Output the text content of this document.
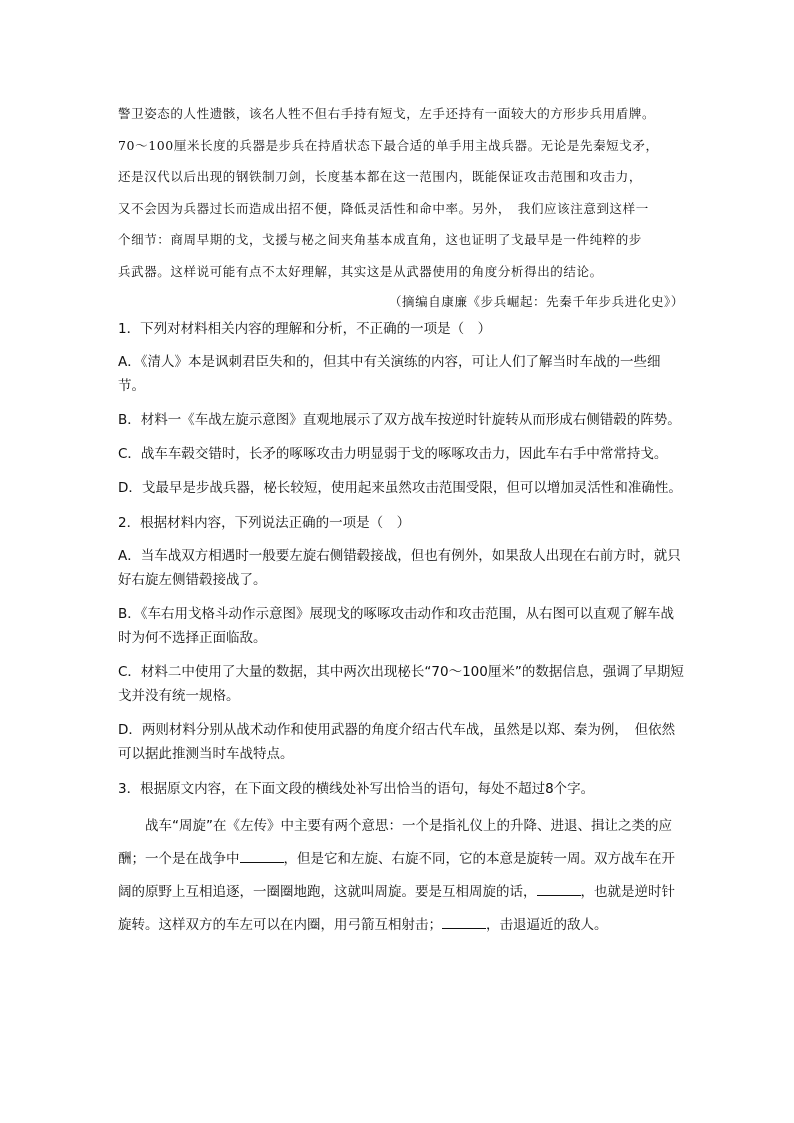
警卫姿态的人性遗骸，该名人牲不但右手持有短戈，左手还持有一面较大的方形步兵用盾牌。
70～100厘米长度的兵器是步兵在持盾状态下最合适的单手用主战兵器。无论是先秦短戈矛，
还是汉代以后出现的钢铁制刀剑，长度基本都在这一范围内，既能保证攻击范围和攻击力，
又不会因为兵器过长而造成出招不便，降低灵活性和命中率。另外，　我们应该注意到这样一
个细节：商周早期的戈，戈援与柲之间夹角基本成直角，这也证明了戈最早是一件纯粹的步
兵武器。这样说可能有点不太好理解，其实这是从武器使用的角度分析得出的结论。
（摘编自康廉《步兵崛起：先秦千年步兵进化史》）
1．下列对材料相关内容的理解和分析，不正确的一项是（　）
A．《清人》本是讽刺君臣失和的，但其中有关演练的内容，可让人们了解当时车战的一些细节。
B．材料一《车战左旋示意图》直观地展示了双方战车按逆时针旋转从而形成右侧错毂的阵势。
C．战车车毂交错时，长矛的啄啄攻击力明显弱于戈的啄啄攻击力，因此车右手中常常持戈。
D．戈最早是步战兵器，柲长较短，使用起来虽然攻击范围受限，但可以增加灵活性和准确性。
2．根据材料内容，下列说法正确的一项是（　）
A．当车战双方相遇时一般要左旋右侧错毂接战，但也有例外，如果敌人出现在右前方时，就只好右旋左侧错毂接战了。
B．《车右用戈格斗动作示意图》展现戈的啄啄攻击动作和攻击范围，从右图可以直观了解车战时为何不选择正面临敌。
C．材料二中使用了大量的数据，其中两次出现柲长“70～100厘米”的数据信息，强调了早期短戈并没有统一规格。
D．两则材料分别从战术动作和使用武器的角度介绍古代车战，虽然是以郑、秦为例，　但依然可以据此推测当时车战特点。
3．根据原文内容，在下面文段的横线处补写出恰当的语句，每处不超过8个字。

战车“周旋”在《左传》中主要有两个意思：一个是指礼仪上的升降、进退、揖让之类的应酬；一个是在战争中	，但是它和左旋、右旋不同，它的本意是旋转一周。双方战车在开阔的原野上互相追逐，一圈圈地跑，这就叫周旋。要是互相周旋的话，	，也就是逆时针旋转。这样双方的车左可以在内圈，用弓箭互相射击；	，击退逼近的敌人。
